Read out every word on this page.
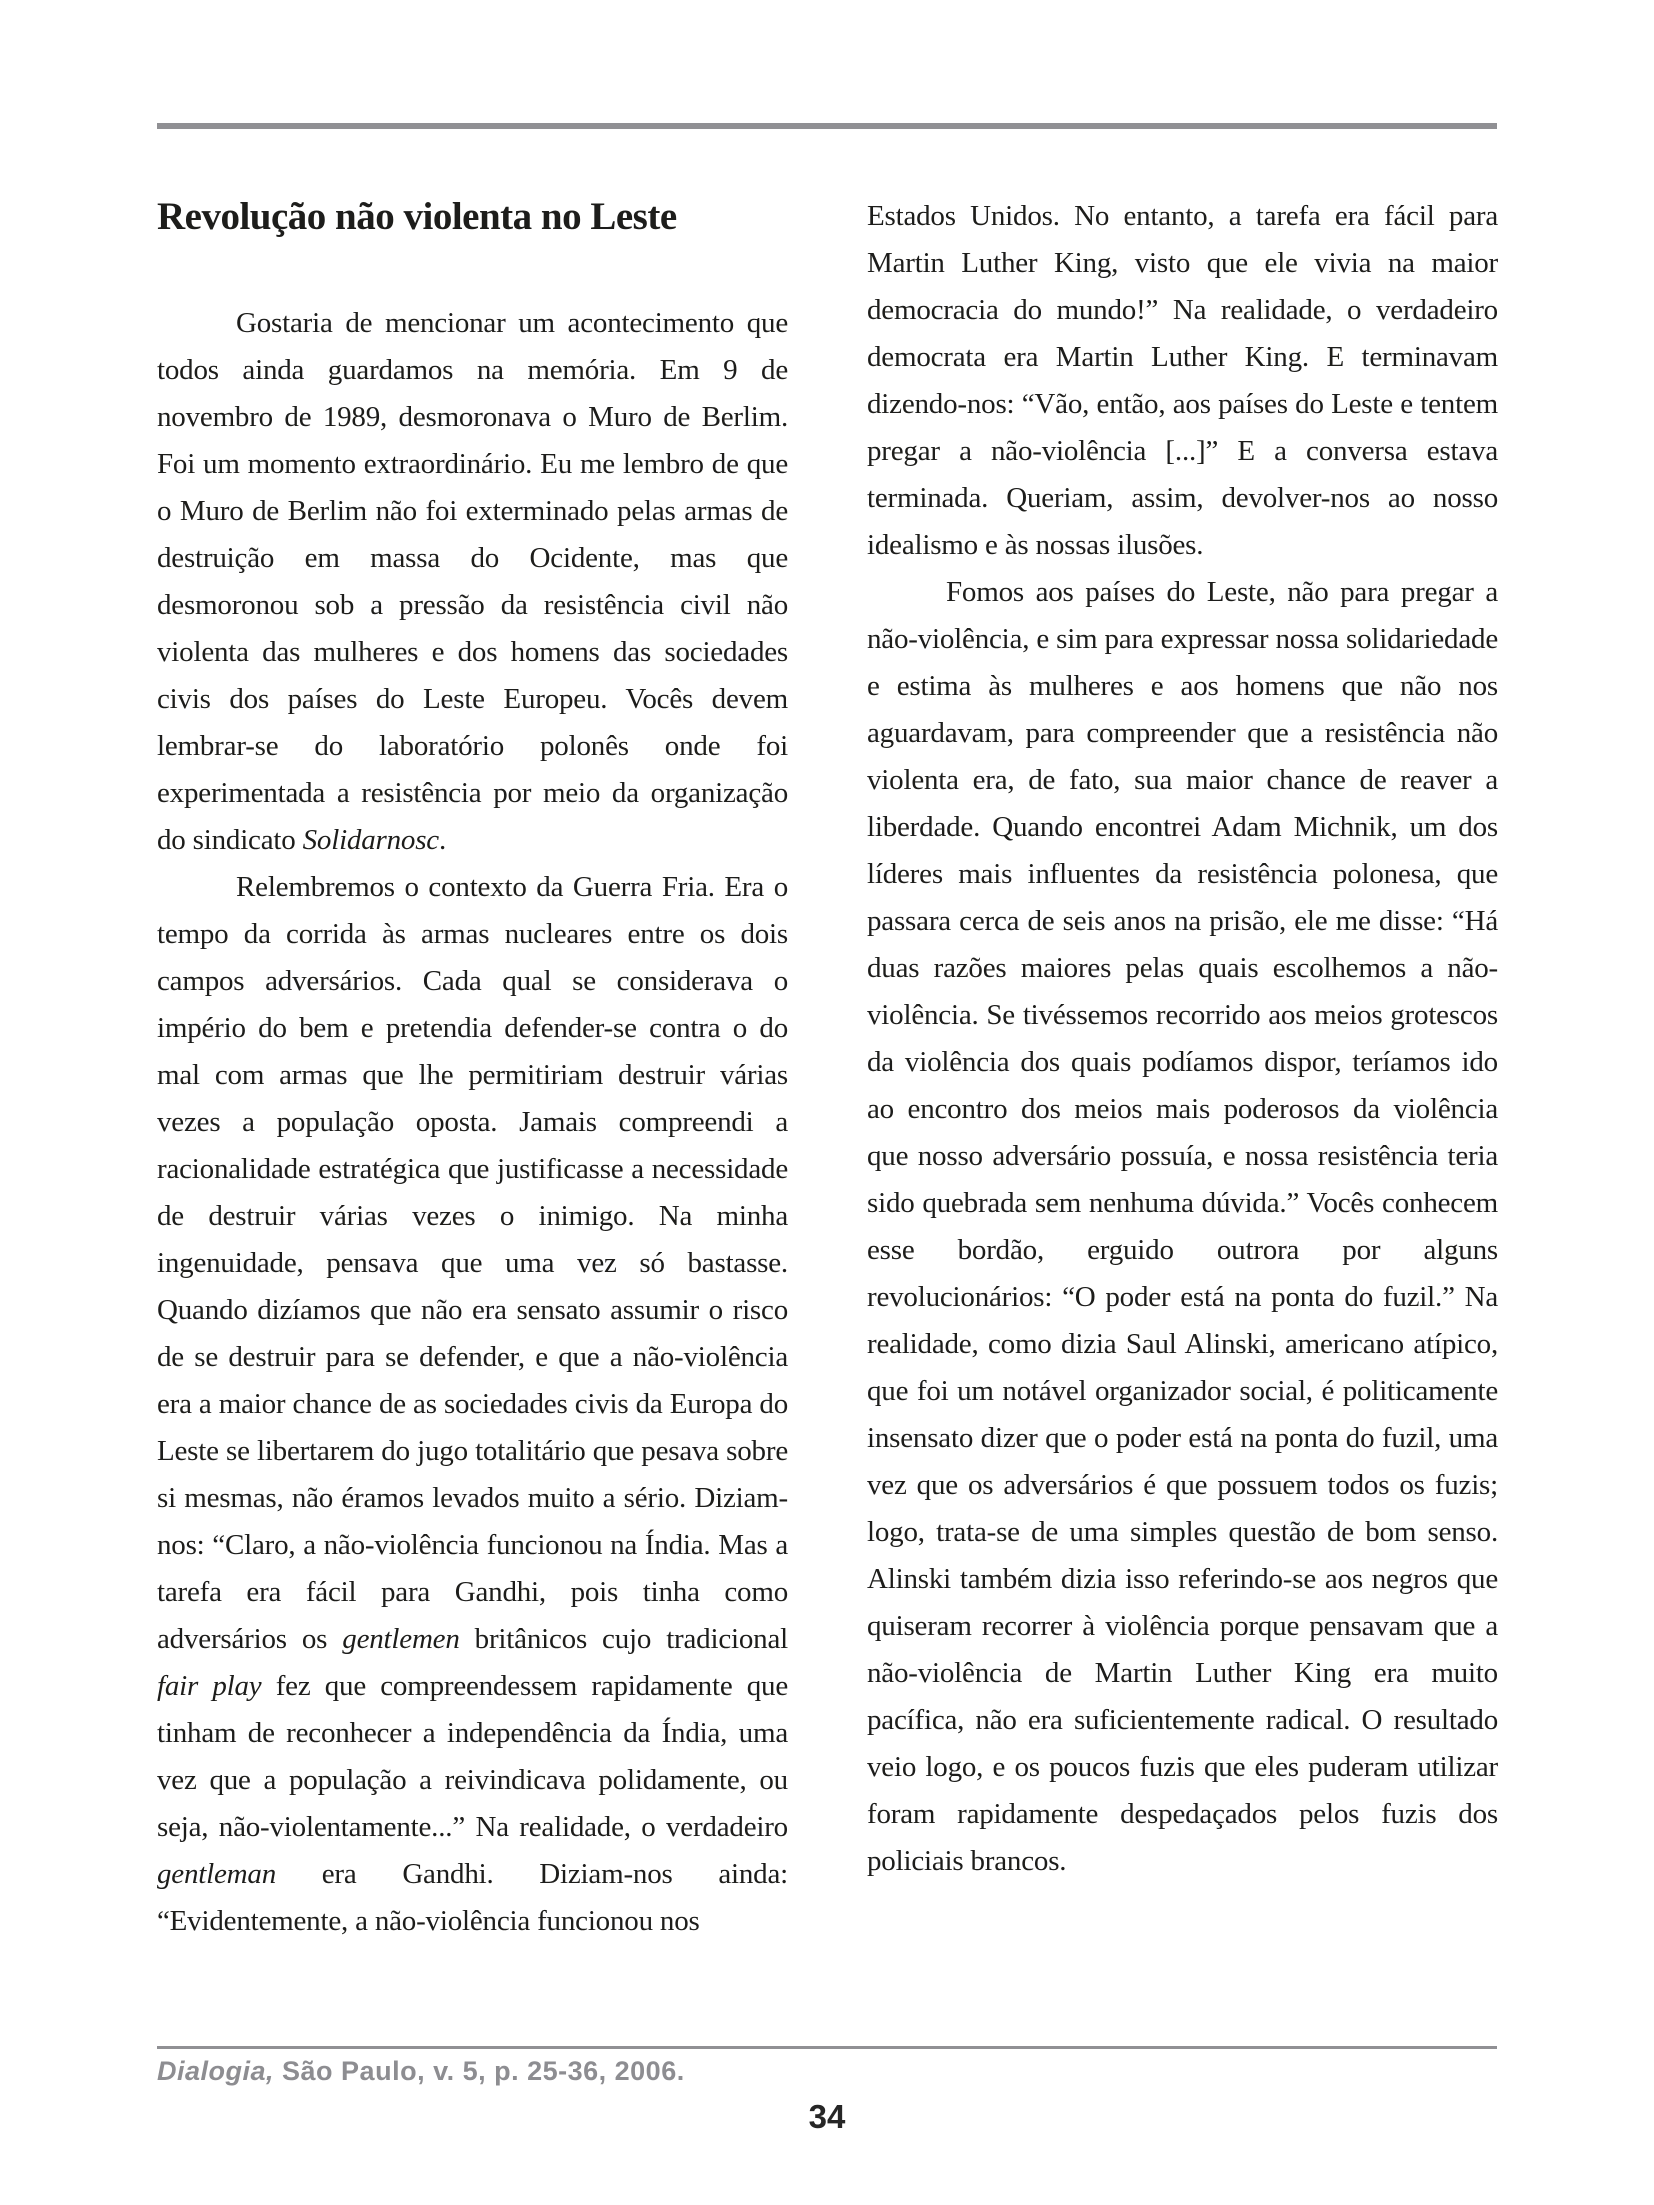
Revolução não violenta no Leste

Gostaria de mencionar um acontecimento que todos ainda guardamos na memória. Em 9 de novembro de 1989, desmoronava o Muro de Berlim. Foi um momento extraordinário. Eu me lembro de que o Muro de Berlim não foi exterminado pelas armas de destruição em massa do Ocidente, mas que desmoronou sob a pressão da resistência civil não violenta das mulheres e dos homens das sociedades civis dos países do Leste Europeu. Vocês devem lembrar-se do laboratório polonês onde foi experimentada a resistência por meio da organização do sindicato Solidarnosc.

Relembremos o contexto da Guerra Fria. Era o tempo da corrida às armas nucleares entre os dois campos adversários. Cada qual se considerava o império do bem e pretendia defender-se contra o do mal com armas que lhe permitiriam destruir várias vezes a população oposta. Jamais compreendi a racionalidade estratégica que justificasse a necessidade de destruir várias vezes o inimigo. Na minha ingenuidade, pensava que uma vez só bastasse. Quando dizíamos que não era sensato assumir o risco de se destruir para se defender, e que a não-violência era a maior chance de as sociedades civis da Europa do Leste se libertarem do jugo totalitário que pesava sobre si mesmas, não éramos levados muito a sério. Diziam-nos: “Claro, a não-violência funcionou na Índia. Mas a tarefa era fácil para Gandhi, pois tinha como adversários os gentlemen britânicos cujo tradicional fair play fez que compreendessem rapidamente que tinham de reconhecer a independência da Índia, uma vez que a população a reivindicava polidamente, ou seja, não-violentamente...” Na realidade, o verdadeiro gentleman era Gandhi. Diziam-nos ainda: “Evidentemente, a não-violência funcionou nos

Estados Unidos. No entanto, a tarefa era fácil para Martin Luther King, visto que ele vivia na maior democracia do mundo!” Na realidade, o verdadeiro democrata era Martin Luther King. E terminavam dizendo-nos: “Vão, então, aos países do Leste e tentem pregar a não-violência [...]” E a conversa estava terminada. Queriam, assim, devolver-nos ao nosso idealismo e às nossas ilusões.

Fomos aos países do Leste, não para pregar a não-violência, e sim para expressar nossa solidariedade e estima às mulheres e aos homens que não nos aguardavam, para compreender que a resistência não violenta era, de fato, sua maior chance de reaver a liberdade. Quando encontrei Adam Michnik, um dos líderes mais influentes da resistência polonesa, que passara cerca de seis anos na prisão, ele me disse: “Há duas razões maiores pelas quais escolhemos a não-violência. Se tivéssemos recorrido aos meios grotescos da violência dos quais podíamos dispor, teríamos ido ao encontro dos meios mais poderosos da violência que nosso adversário possuía, e nossa resistência teria sido quebrada sem nenhuma dúvida.” Vocês conhecem esse bordão, erguido outrora por alguns revolucionários: “O poder está na ponta do fuzil.” Na realidade, como dizia Saul Alinski, americano atípico, que foi um notável organizador social, é politicamente insensato dizer que o poder está na ponta do fuzil, uma vez que os adversários é que possuem todos os fuzis; logo, trata-se de uma simples questão de bom senso. Alinski também dizia isso referindo-se aos negros que quiseram recorrer à violência porque pensavam que a não-violência de Martin Luther King era muito pacífica, não era suficientemente radical. O resultado veio logo, e os poucos fuzis que eles puderam utilizar foram rapidamente despedaçados pelos fuzis dos policiais brancos.

Dialogia, São Paulo, v. 5, p. 25-36, 2006.
34
